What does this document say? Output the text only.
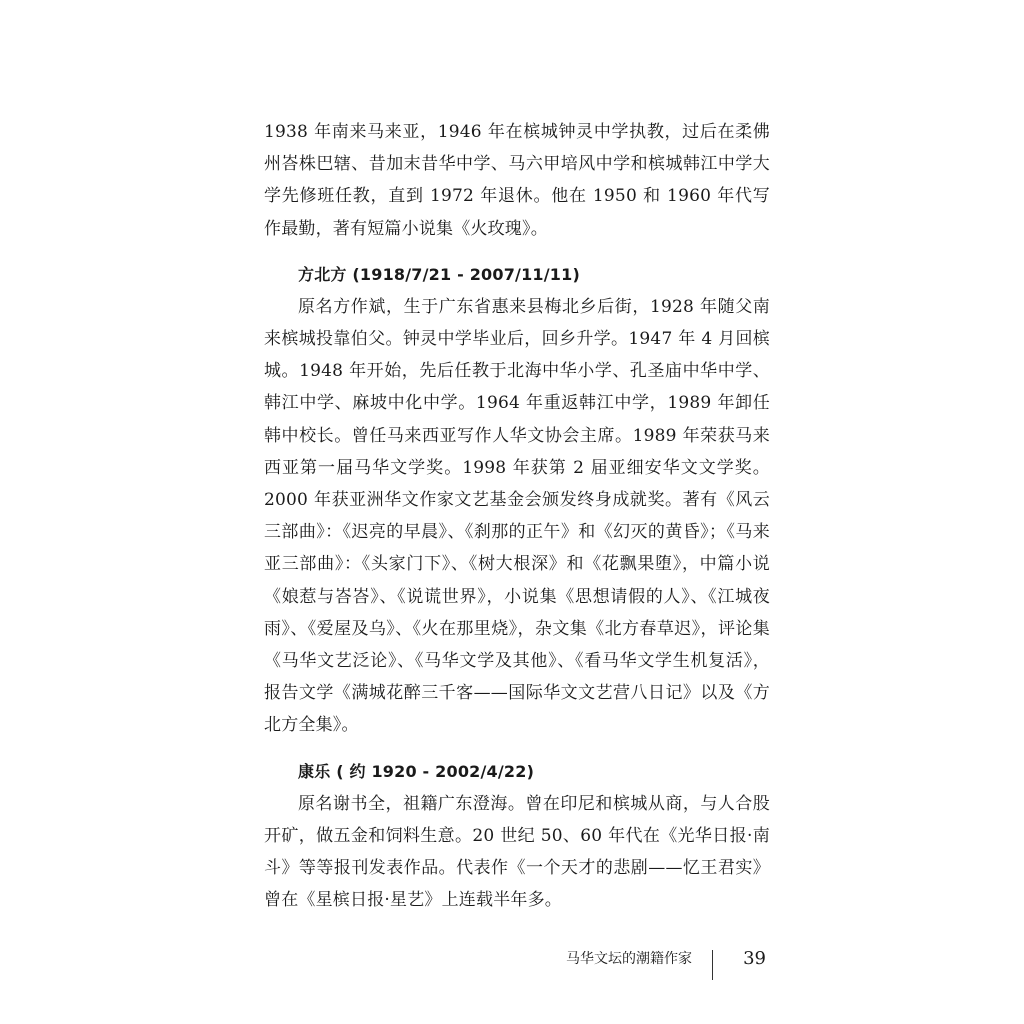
1938 年南来马来亚，1946 年在槟城钟灵中学执教，过后在柔佛州峇株巴辖、昔加末昔华中学、马六甲培风中学和槟城韩江中学大学先修班任教，直到 1972 年退休。他在 1950 和 1960 年代写作最勤，著有短篇小说集《火玫瑰》。

方北方 (1918/7/21 - 2007/11/11)

原名方作斌，生于广东省惠来县梅北乡后街，1928 年随父南来槟城投靠伯父。钟灵中学毕业后，回乡升学。1947 年 4 月回槟城。1948 年开始，先后任教于北海中华小学、孔圣庙中华中学、韩江中学、麻坡中化中学。1964 年重返韩江中学，1989 年卸任韩中校长。曾任马来西亚写作人华文协会主席。1989 年荣获马来西亚第一届马华文学奖。1998 年获第 2 届亚细安华文文学奖。2000 年获亚洲华文作家文艺基金会颁发终身成就奖。著有《风云三部曲》：《迟亮的早晨》、《刹那的正午》和《幻灭的黄昏》；《马来亚三部曲》：《头家门下》、《树大根深》和《花飘果堕》，中篇小说《娘惹与峇峇》、《说谎世界》，小说集《思想请假的人》、《江城夜雨》、《爱屋及乌》、《火在那里烧》，杂文集《北方春草迟》，评论集《马华文艺泛论》、《马华文学及其他》、《看马华文学生机复活》，报告文学《满城花醉三千客——国际华文文艺营八日记》以及《方北方全集》。

康乐 ( 约 1920 - 2002/4/22)

原名谢书全，祖籍广东澄海。曾在印尼和槟城从商，与人合股开矿，做五金和饲料生意。20 世纪 50、60 年代在《光华日报·南斗》等等报刊发表作品。代表作《一个天才的悲剧——忆王君实》曾在《星槟日报·星艺》上连载半年多。

马华文坛的潮籍作家	39
